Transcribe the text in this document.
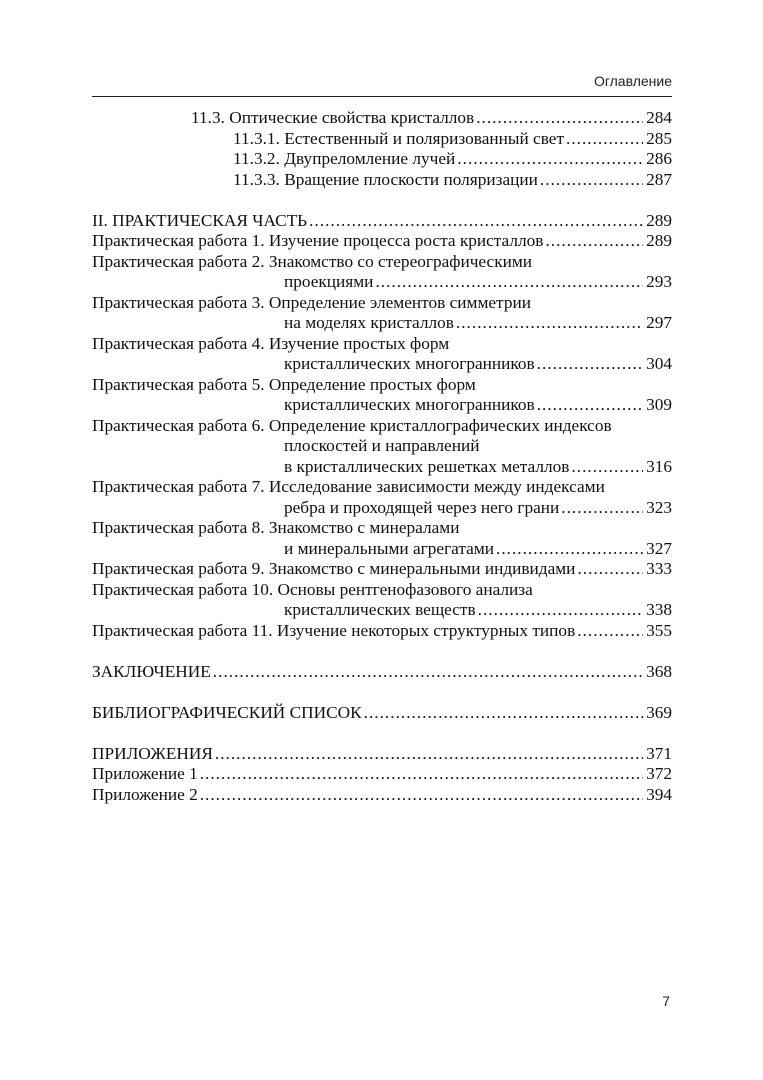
Оглавление
11.3. Оптические свойства кристаллов .....	284
11.3.1. Естественный и поляризованный свет .....	285
11.3.2. Двупреломление лучей .....	286
11.3.3. Вращение плоскости поляризации .....	287
II. ПРАКТИЧЕСКАЯ ЧАСТЬ .....	289
Практическая работа 1. Изучение процесса роста кристаллов .....	289
Практическая работа 2. Знакомство со стереографическими
проекциями .....	293
Практическая работа 3. Определение элементов симметрии
на моделях кристаллов .....	297
Практическая работа 4. Изучение простых форм
кристаллических многогранников .....	304
Практическая работа 5. Определение простых форм
кристаллических многогранников .....	309
Практическая работа 6. Определение кристаллографических индексов
плоскостей и направлений
в кристаллических решетках металлов .....	316
Практическая работа 7. Исследование зависимости между индексами
ребра и проходящей через него грани .....	323
Практическая работа 8. Знакомство с минералами
и минеральными агрегатами .....	327
Практическая работа 9. Знакомство с минеральными индивидами .....	333
Практическая работа 10. Основы рентгенофазового анализа
кристаллических веществ .....	338
Практическая работа 11. Изучение некоторых структурных типов .....	355
ЗАКЛЮЧЕНИЕ .....	368
БИБЛИОГРАФИЧЕСКИЙ СПИСОК .....	369
ПРИЛОЖЕНИЯ .....	371
Приложение 1 .....	372
Приложение 2 .....	394
7
